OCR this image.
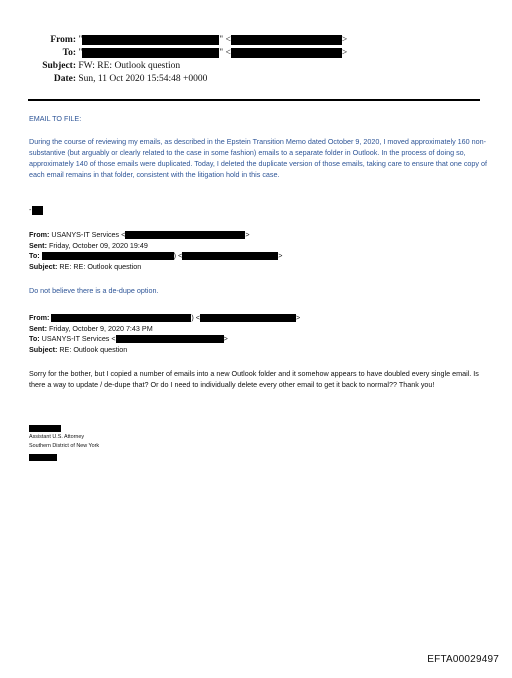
From: "	" <	>
To: "	" <	>
Subject: FW: RE: Outlook question
Date: Sun, 11 Oct 2020 15:54:48 +0000
EMAIL TO FILE:
During the course of reviewing my emails, as described in the Epstein Transition Memo dated October 9, 2020, I moved approximately 160 non-substantive (but arguably or clearly related to the case in some fashion) emails to a separate folder in Outlook. In the process of doing so, approximately 140 of those emails were duplicated. Today, I deleted the duplicate version of those emails, taking care to ensure that one copy of each email remains in that folder, consistent with the litigation hold in this case.
-
From: USANYS-IT Services <	>
Sent: Friday, October 09, 2020 19:49
To:	) <	>
Subject: RE: RE: Outlook question
Do not believe there is a de-dupe option.
From:	) <	>
Sent: Friday, October 9, 2020 7:43 PM
To: USANYS-IT Services <	>
Subject: RE: Outlook question
Sorry for the bother, but I copied a number of emails into a new Outlook folder and it somehow appears to have doubled every single email. Is there a way to update / de-dupe that? Or do I need to individually delete every other email to get it back to normal?? Thank you!
Assistant U.S. Attorney
Southern District of New York
EFTA00029497
